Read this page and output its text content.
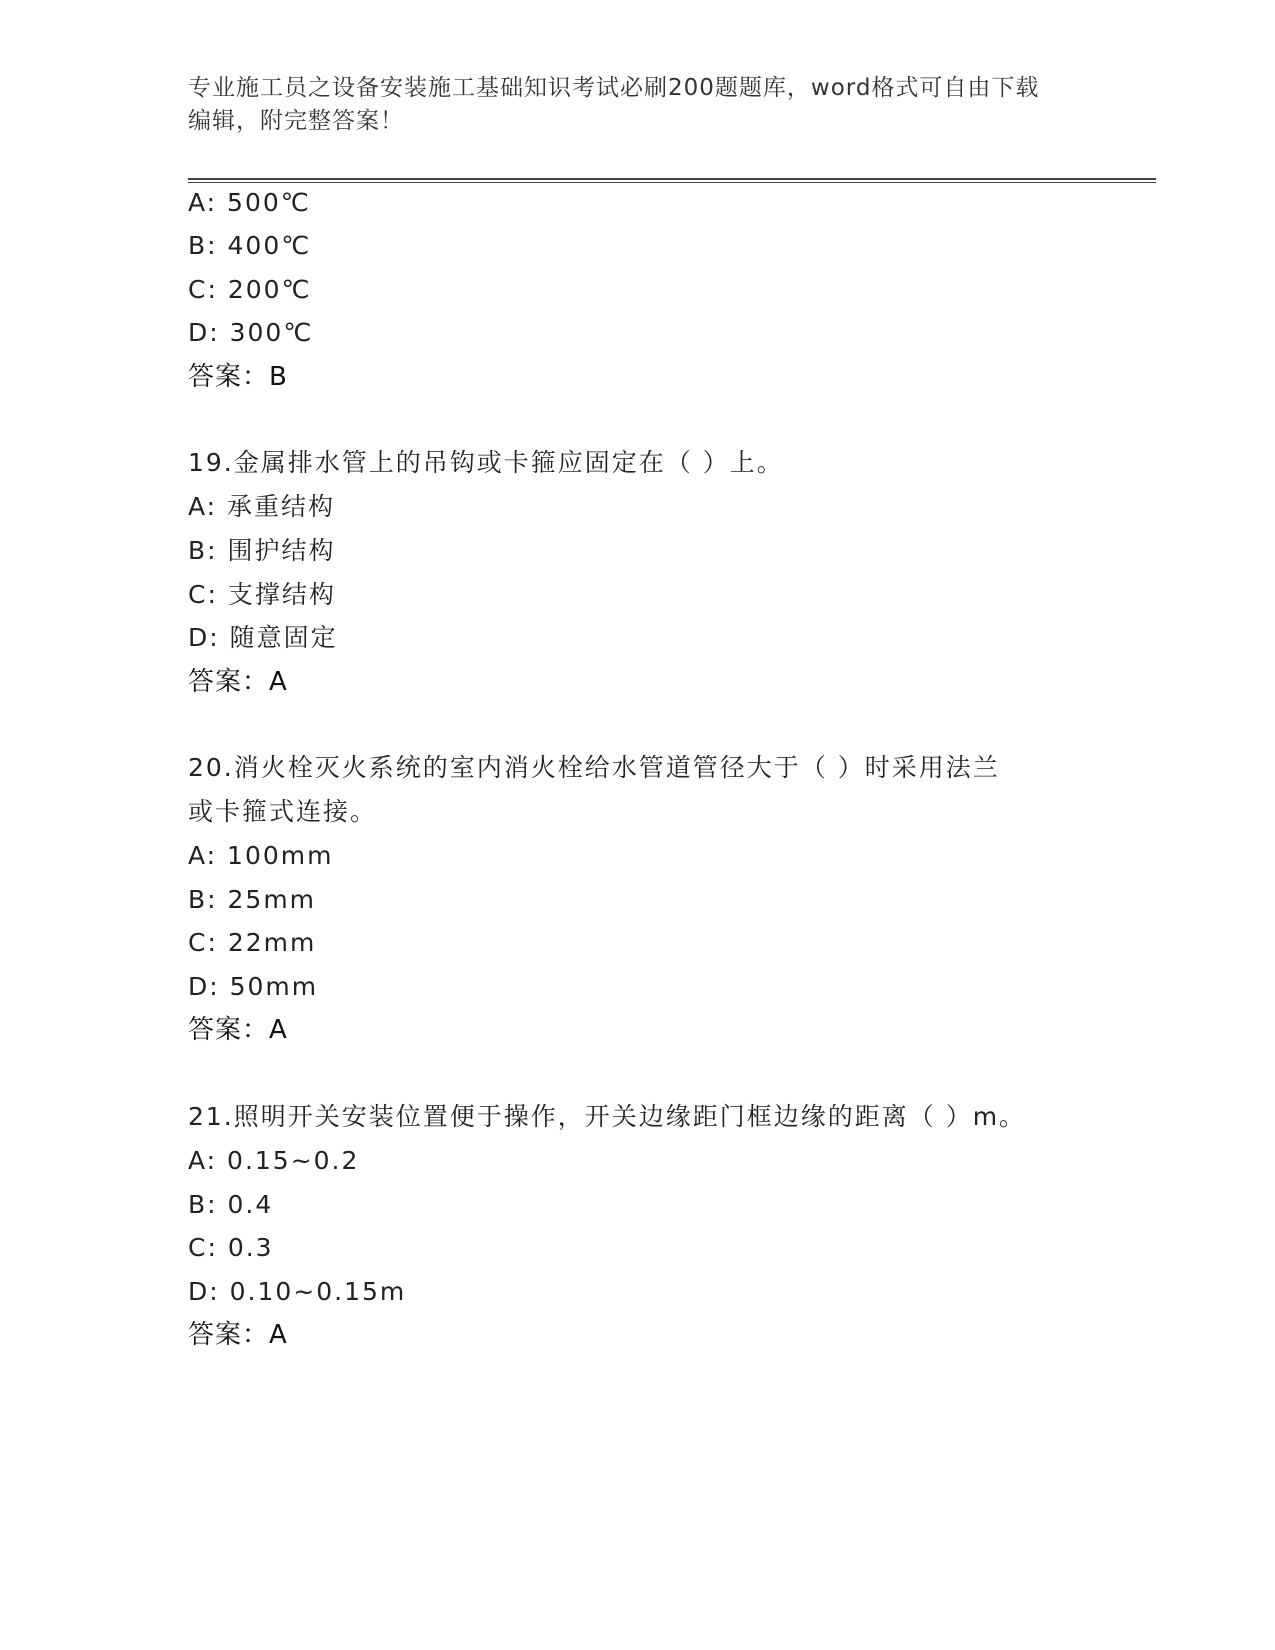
专业施工员之设备安装施工基础知识考试必刷200题题库，word格式可自由下载
编辑，附完整答案！
A: 500℃
B: 400℃
C: 200℃
D: 300℃
答案：B
19.金属排水管上的吊钩或卡箍应固定在（ ）上。
A: 承重结构
B: 围护结构
C: 支撑结构
D: 随意固定
答案：A
20.消火栓灭火系统的室内消火栓给水管道管径大于（ ）时采用法兰
或卡箍式连接。
A: 100mm
B: 25mm
C: 22mm
D: 50mm
答案：A
21.照明开关安装位置便于操作，开关边缘距门框边缘的距离（ ）m。
A: 0.15~0.2
B: 0.4
C: 0.3
D: 0.10~0.15m
答案：A
